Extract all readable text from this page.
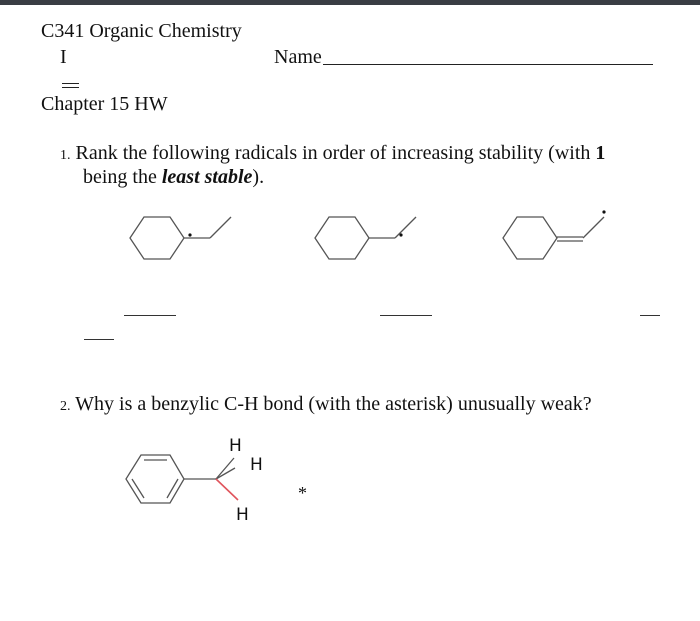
C341 Organic Chemistry
I	Name
Chapter 15 HW
1. Rank the following radicals in order of increasing stability (with 1
being the least stable).
2. Why is a benzylic C-H bond (with the asterisk) unusually weak?
H
H
H
*
